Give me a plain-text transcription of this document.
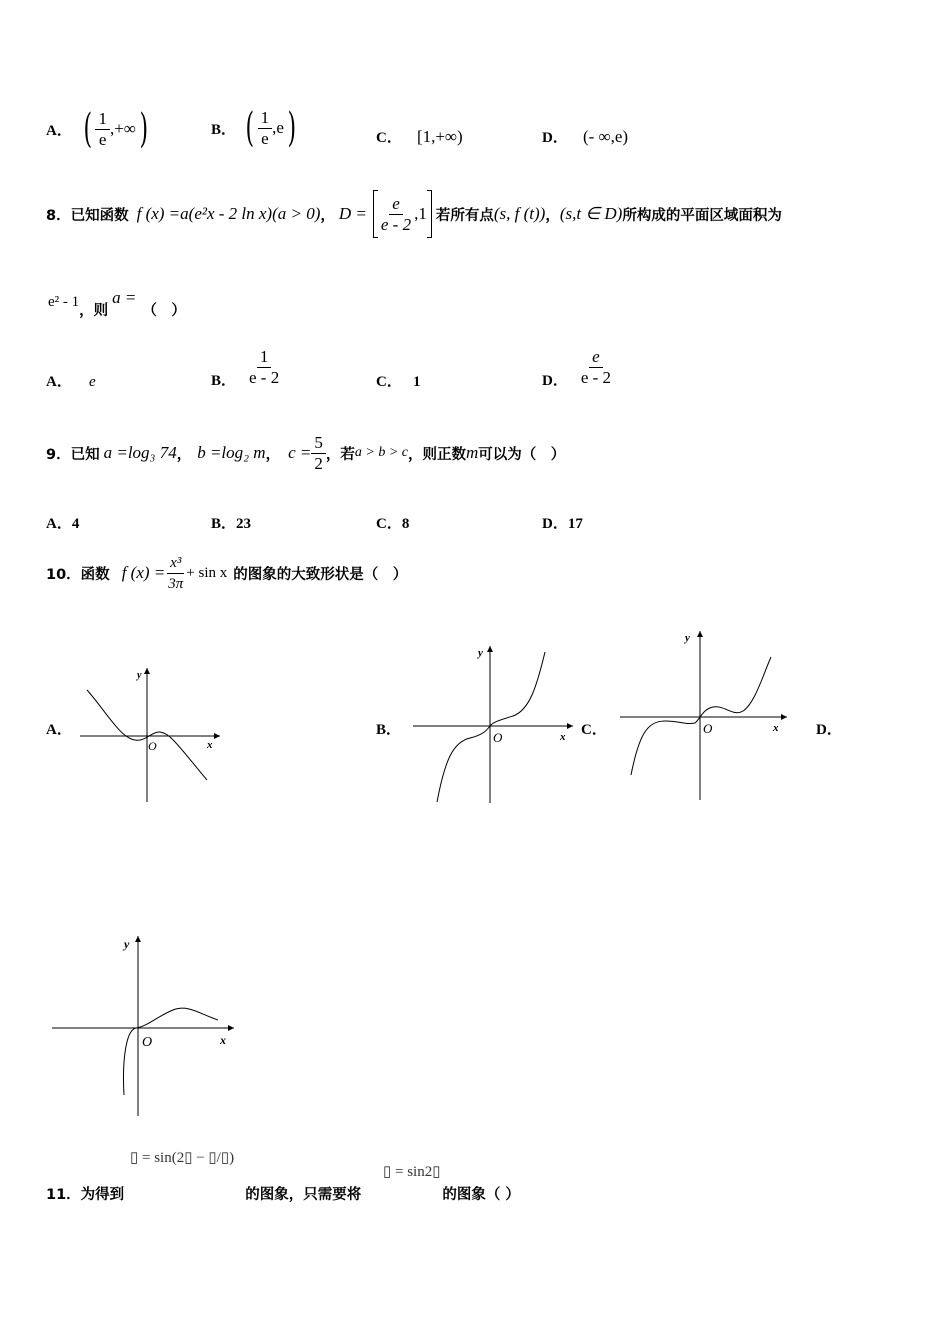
A． ( $\frac{1}{e}$ ,+∞ )	B． ( $\frac{1}{e} ,e$ )	C． [1,+∞)	D． (- ∞,e)
8．已知函数 f (x) =a(e²x - 2 ln x)(a > 0) ， $D = \frac{e}{e - 2} ,1$ 若所有点 (s, f (t)) ， (s,t ∈ D) 所构成的平面区域面积为
e² - 1
，则
a =
（　）
A． e	B． $\frac{1}{e - 2}$	C． 1	D． $\frac{e}{e - 2}$
9．已知 a =log₃ 74 ， b =log₂ m ， $c = \frac{5}{2}$ ，若 a > b > c ，则正数 m 可以为（　）
A．4	B．23	C．8	D．17
10．函数 f $(x) = \frac{\text{x³}}{3\pi} + \sin x$ 的图象的大致形状是（　）
A．	B．	C．	D．
y
x
O
y
x
O
y
x
O
y
x
O
▯ = sin(2▯ − ▯/▯)
▯ = sin2▯
11．为得到	的图象，只需要将	的图象（ ）
